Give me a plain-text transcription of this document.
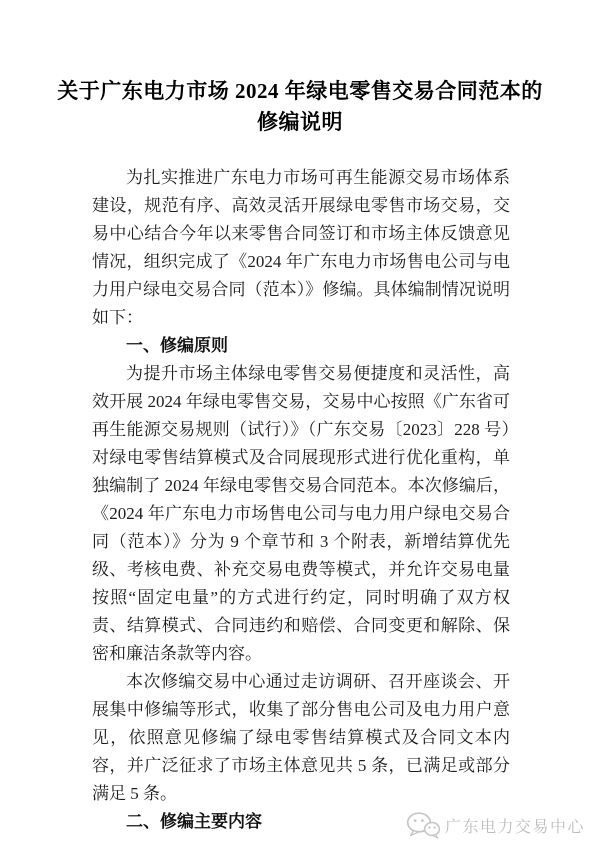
关于广东电力市场 2024 年绿电零售交易合同范本的
修编说明

为扎实推进广东电力市场可再生能源交易市场体系建设，规范有序、高效灵活开展绿电零售市场交易，交易中心结合今年以来零售合同签订和市场主体反馈意见情况，组织完成了《2024 年广东电力市场售电公司与电力用户绿电交易合同（范本）》修编。具体编制情况说明如下：

一、修编原则

为提升市场主体绿电零售交易便捷度和灵活性，高效开展 2024 年绿电零售交易，交易中心按照《广东省可再生能源交易规则（试行）》（广东交易〔2023〕228 号）对绿电零售结算模式及合同展现形式进行优化重构，单独编制了 2024 年绿电零售交易合同范本。本次修编后，《2024 年广东电力市场售电公司与电力用户绿电交易合同（范本）》分为 9 个章节和 3 个附表，新增结算优先级、考核电费、补充交易电费等模式，并允许交易电量按照“固定电量”的方式进行约定，同时明确了双方权责、结算模式、合同违约和赔偿、合同变更和解除、保密和廉洁条款等内容。

本次修编交易中心通过走访调研、召开座谈会、开展集中修编等形式，收集了部分售电公司及电力用户意见，依照意见修编了绿电零售结算模式及合同文本内容，并广泛征求了市场主体意见共 5 条，已满足或部分满足 5 条。

二、修编主要内容	广东电力交易中心
